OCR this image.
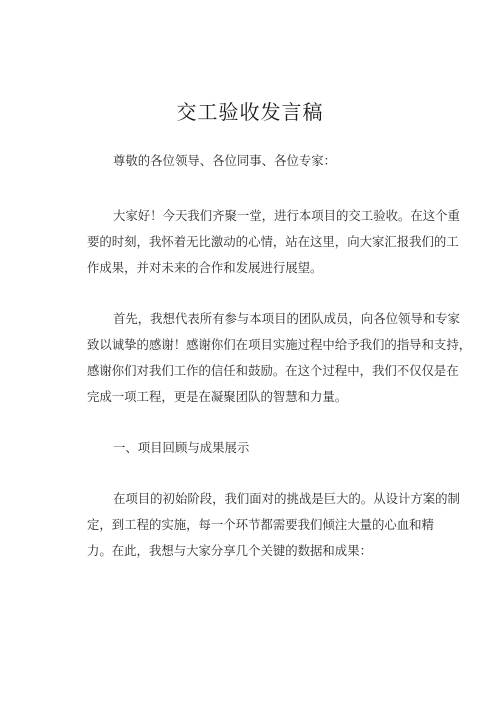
交工验收发言稿

尊敬的各位领导、各位同事、各位专家：

大家好！今天我们齐聚一堂，进行本项目的交工验收。在这个重
要的时刻，我怀着无比激动的心情，站在这里，向大家汇报我们的工
作成果，并对未来的合作和发展进行展望。

首先，我想代表所有参与本项目的团队成员，向各位领导和专家
致以诚挚的感谢！感谢你们在项目实施过程中给予我们的指导和支持，
感谢你们对我们工作的信任和鼓励。在这个过程中，我们不仅仅是在
完成一项工程，更是在凝聚团队的智慧和力量。

一、项目回顾与成果展示

在项目的初始阶段，我们面对的挑战是巨大的。从设计方案的制
定，到工程的实施，每一个环节都需要我们倾注大量的心血和精
力。在此，我想与大家分享几个关键的数据和成果：
